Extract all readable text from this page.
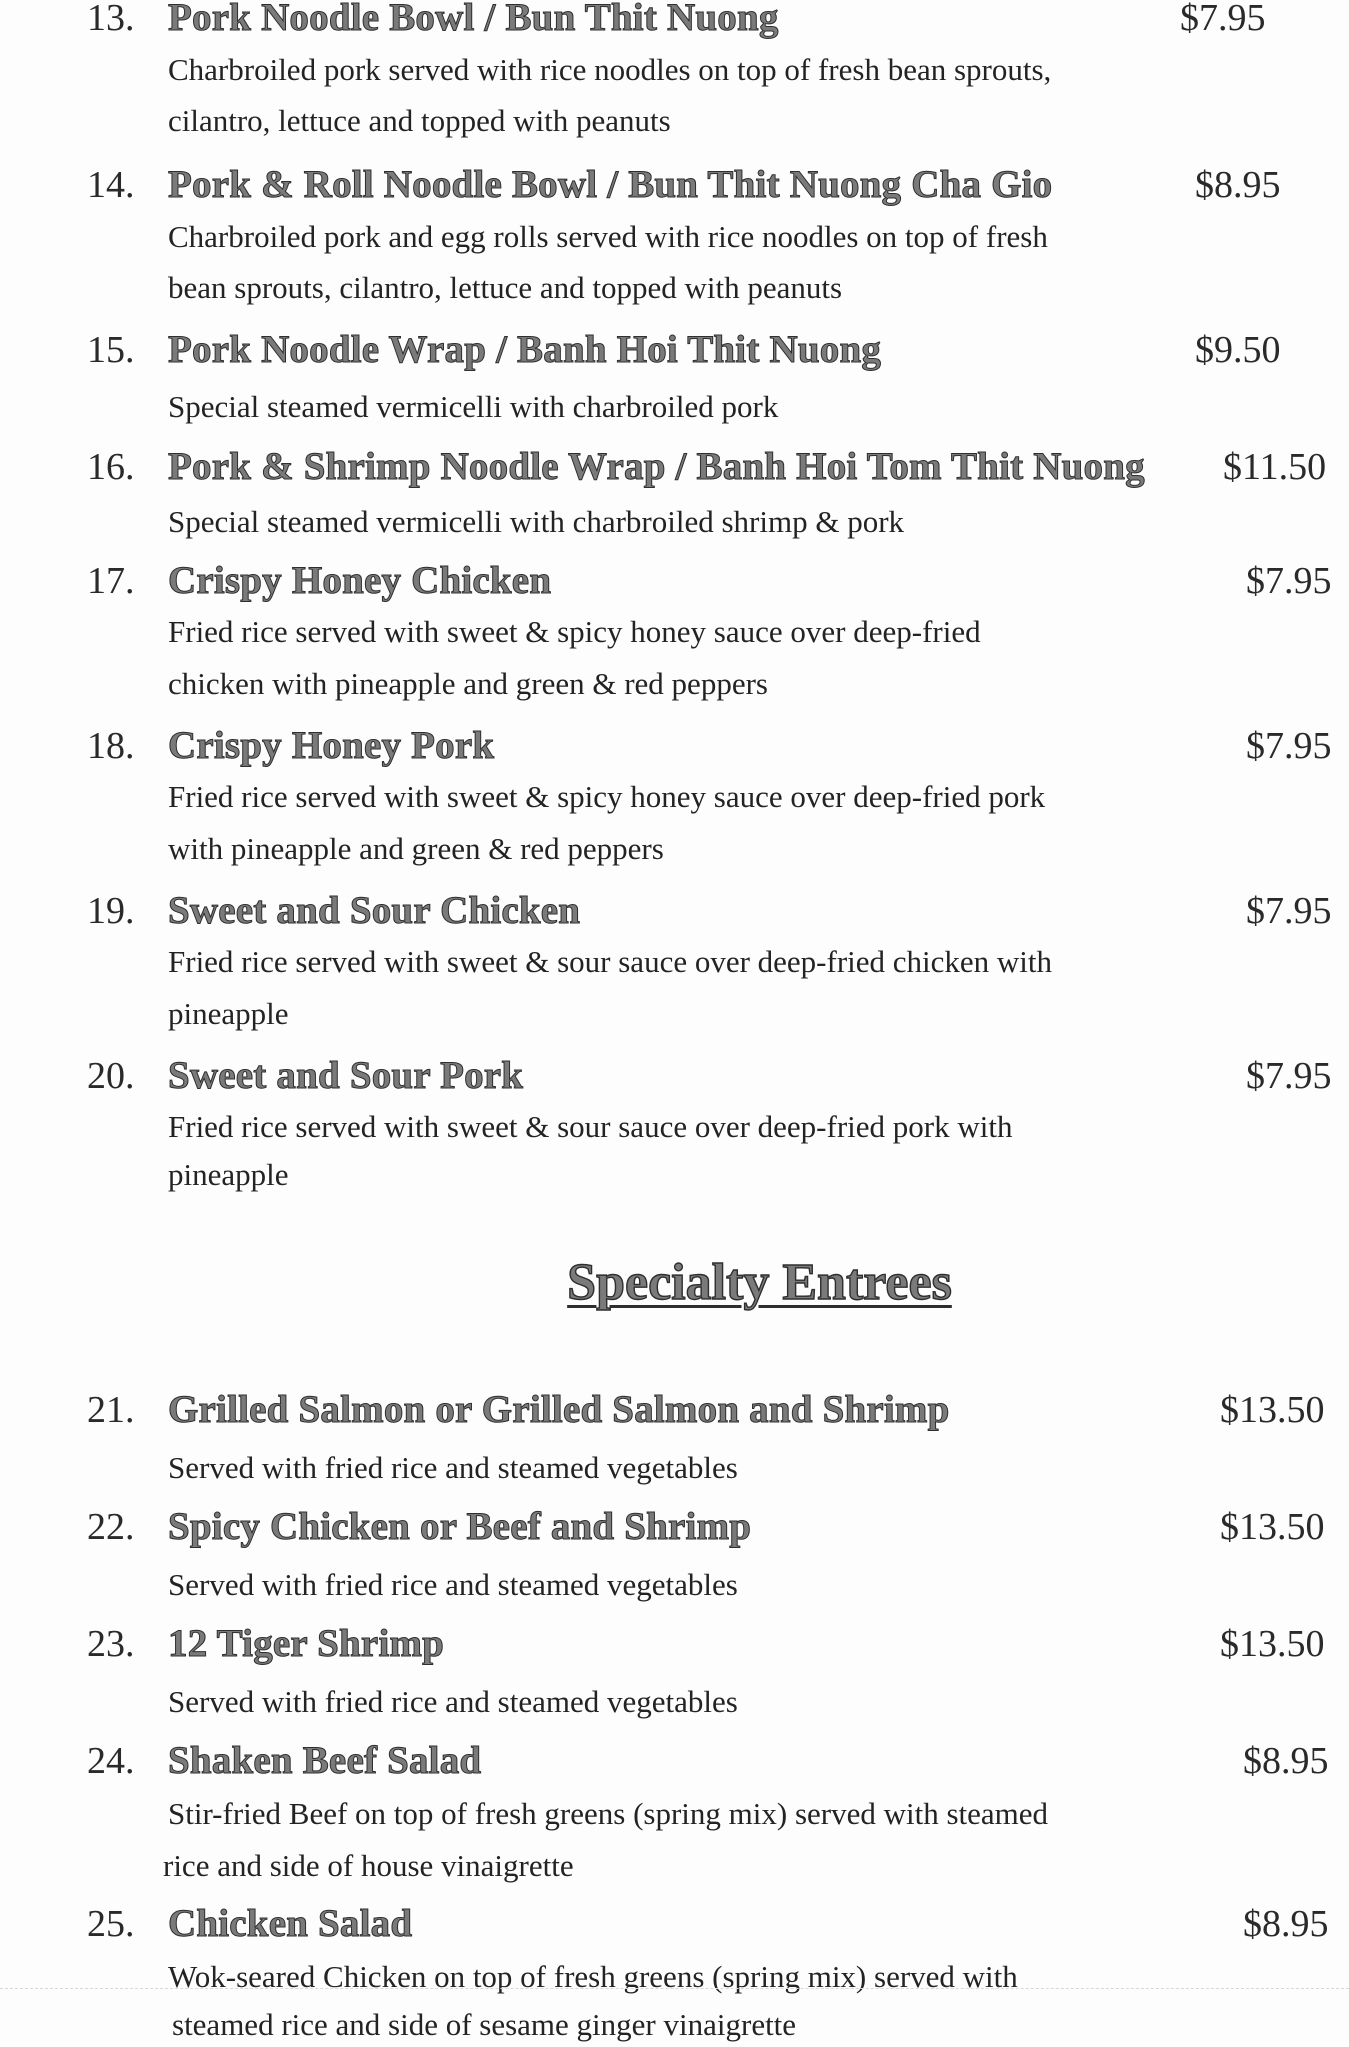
13. Pork Noodle Bowl / Bun Thit Nuong	$7.95
Charbroiled pork served with rice noodles on top of fresh bean sprouts,
cilantro, lettuce and topped with peanuts
14. Pork & Roll Noodle Bowl / Bun Thit Nuong Cha Gio	$8.95
Charbroiled pork and egg rolls served with rice noodles on top of fresh
bean sprouts, cilantro, lettuce and topped with peanuts
15. Pork Noodle Wrap / Banh Hoi Thit Nuong	$9.50
Special steamed vermicelli with charbroiled pork
16. Pork & Shrimp Noodle Wrap / Banh Hoi Tom Thit Nuong $11.50
Special steamed vermicelli with charbroiled shrimp & pork
17. Crispy Honey Chicken	$7.95
Fried rice served with sweet & spicy honey sauce over deep-fried
chicken with pineapple and green & red peppers
18. Crispy Honey Pork	$7.95
Fried rice served with sweet & spicy honey sauce over deep-fried pork
with pineapple and green & red peppers
19. Sweet and Sour Chicken	$7.95
Fried rice served with sweet & sour sauce over deep-fried chicken with
pineapple
20. Sweet and Sour Pork	$7.95
Fried rice served with sweet & sour sauce over deep-fried pork with
pineapple
Specialty Entrees
21. Grilled Salmon or Grilled Salmon and Shrimp	$13.50
Served with fried rice and steamed vegetables
22. Spicy Chicken or Beef and Shrimp	$13.50
Served with fried rice and steamed vegetables
23. 12 Tiger Shrimp	$13.50
Served with fried rice and steamed vegetables
24. Shaken Beef Salad	$8.95
Stir-fried Beef on top of fresh greens (spring mix) served with steamed
rice and side of house vinaigrette
25. Chicken Salad	$8.95
Wok-seared Chicken on top of fresh greens (spring mix) served with
steamed rice and side of sesame ginger vinaigrette
